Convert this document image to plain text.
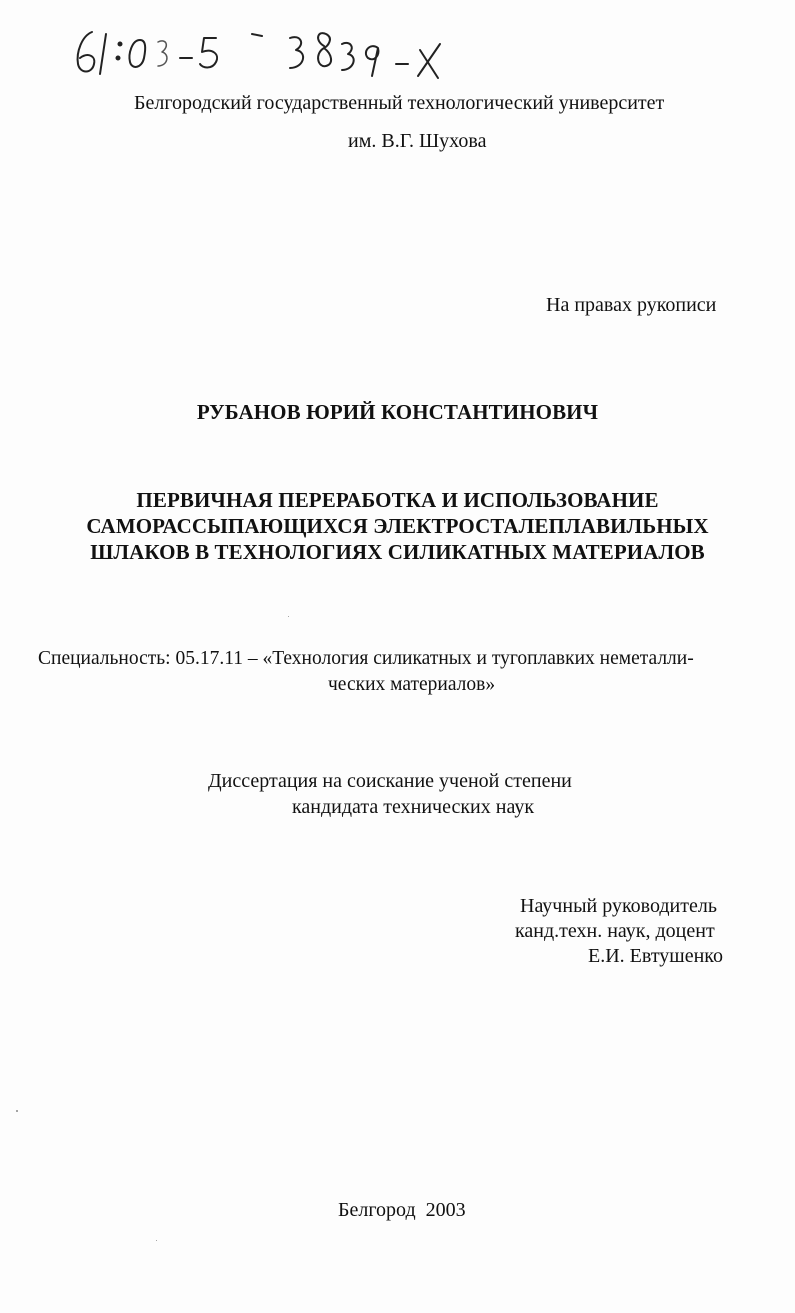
Белгородский государственный технологический университет
им. В.Г. Шухова
На правах рукописи
РУБАНОВ ЮРИЙ КОНСТАНТИНОВИЧ
ПЕРВИЧНАЯ ПЕРЕРАБОТКА И ИСПОЛЬЗОВАНИЕ
САМОРАССЫПАЮЩИХСЯ ЭЛЕКТРОСТАЛЕПЛАВИЛЬНЫХ
ШЛАКОВ В ТЕХНОЛОГИЯХ СИЛИКАТНЫХ МАТЕРИАЛОВ
Специальность: 05.17.11 – «Технология силикатных и тугоплавких неметалли-
ческих материалов»
Диссертация на соискание ученой степени
кандидата технических наук
Научный руководитель
канд.техн. наук, доцент
Е.И. Евтушенко
Белгород  2003
